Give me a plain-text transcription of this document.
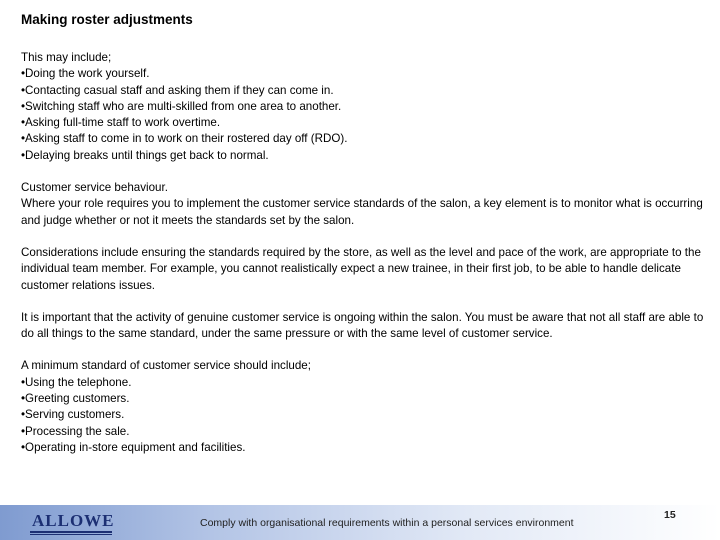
Making roster adjustments

This may include;

•Doing the work yourself.

•Contacting casual staff and asking them if they can come in.

•Switching staff who are multi-skilled from one area to another.

•Asking full-time staff to work overtime.

•Asking staff to come in to work on their rostered day off (RDO).

•Delaying breaks until things get back to normal.

Customer service behaviour.

Where your role requires you to implement the customer service standards of the salon, a key element is to monitor what is occurring and judge whether or not it meets the standards set by the salon.

Considerations include ensuring the standards required by the store, as well as the level and pace of the work, are appropriate to the individual team member. For example, you cannot realistically expect a new trainee, in their first job, to be able to handle delicate customer relations issues.

It is important that the activity of genuine customer service is ongoing within the salon. You must be aware that not all staff are able to do all things to the same standard, under the same pressure or with the same level of customer service.

A minimum standard of customer service should include;

•Using the telephone.

•Greeting customers.

•Serving customers.

•Processing the sale.

•Operating in-store equipment and facilities.

ALLOWE	Comply with organisational requirements within a personal services environment
15
